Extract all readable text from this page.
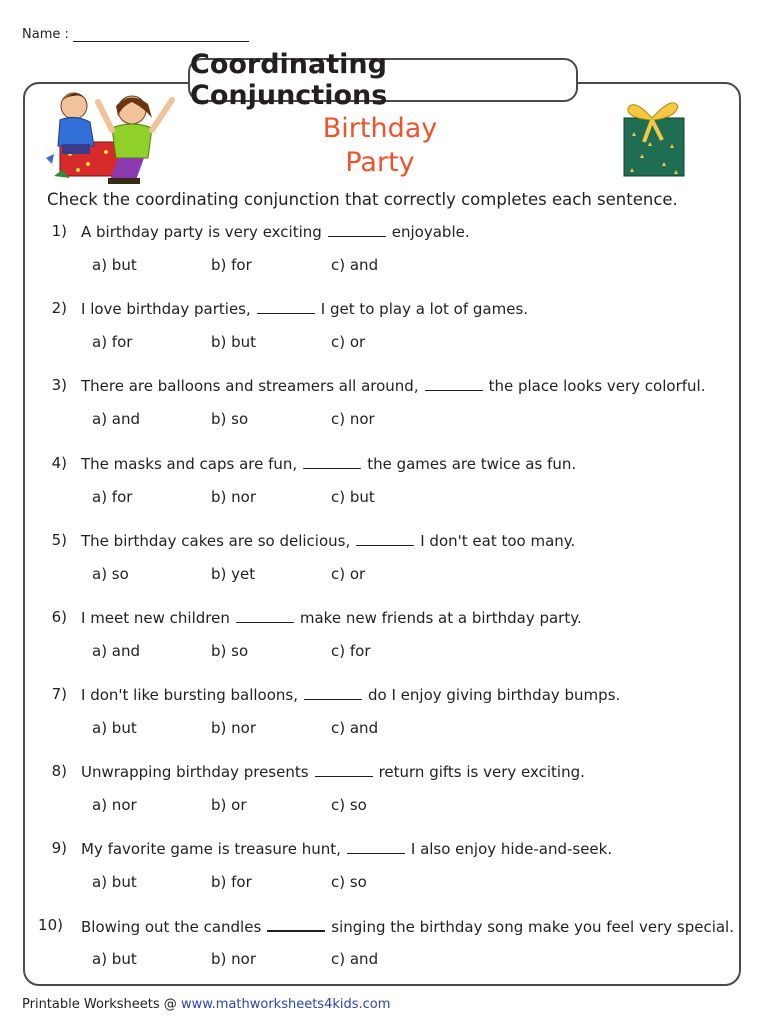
Name :
Coordinating Conjunctions
Birthday
Party
Check the coordinating conjunction that correctly completes each sentence.
1) A birthday party is very exciting	enjoyable.
a) but	b) for	c) and
2) I love birthday parties,	I get to play a lot of games.
a) for	b) but	c) or
3) There are balloons and streamers all around,	the place looks very colorful.
a) and	b) so	c) nor
4) The masks and caps are fun,	the games are twice as fun.
a) for	b) nor	c) but
5) The birthday cakes are so delicious,	I don't eat too many.
a) so	b) yet	c) or
6) I meet new children	make new friends at a birthday party.
a) and	b) so	c) for
7) I don't like bursting balloons,	do I enjoy giving birthday bumps.
a) but	b) nor	c) and
8) Unwrapping birthday presents	return gifts is very exciting.
a) nor	b) or	c) so
9) My favorite game is treasure hunt,	I also enjoy hide-and-seek.
a) but	b) for	c) so
10) Blowing out the candles	singing the birthday song make you feel very special.
a) but	b) nor	c) and
Printable Worksheets @ www.mathworksheets4kids.com
